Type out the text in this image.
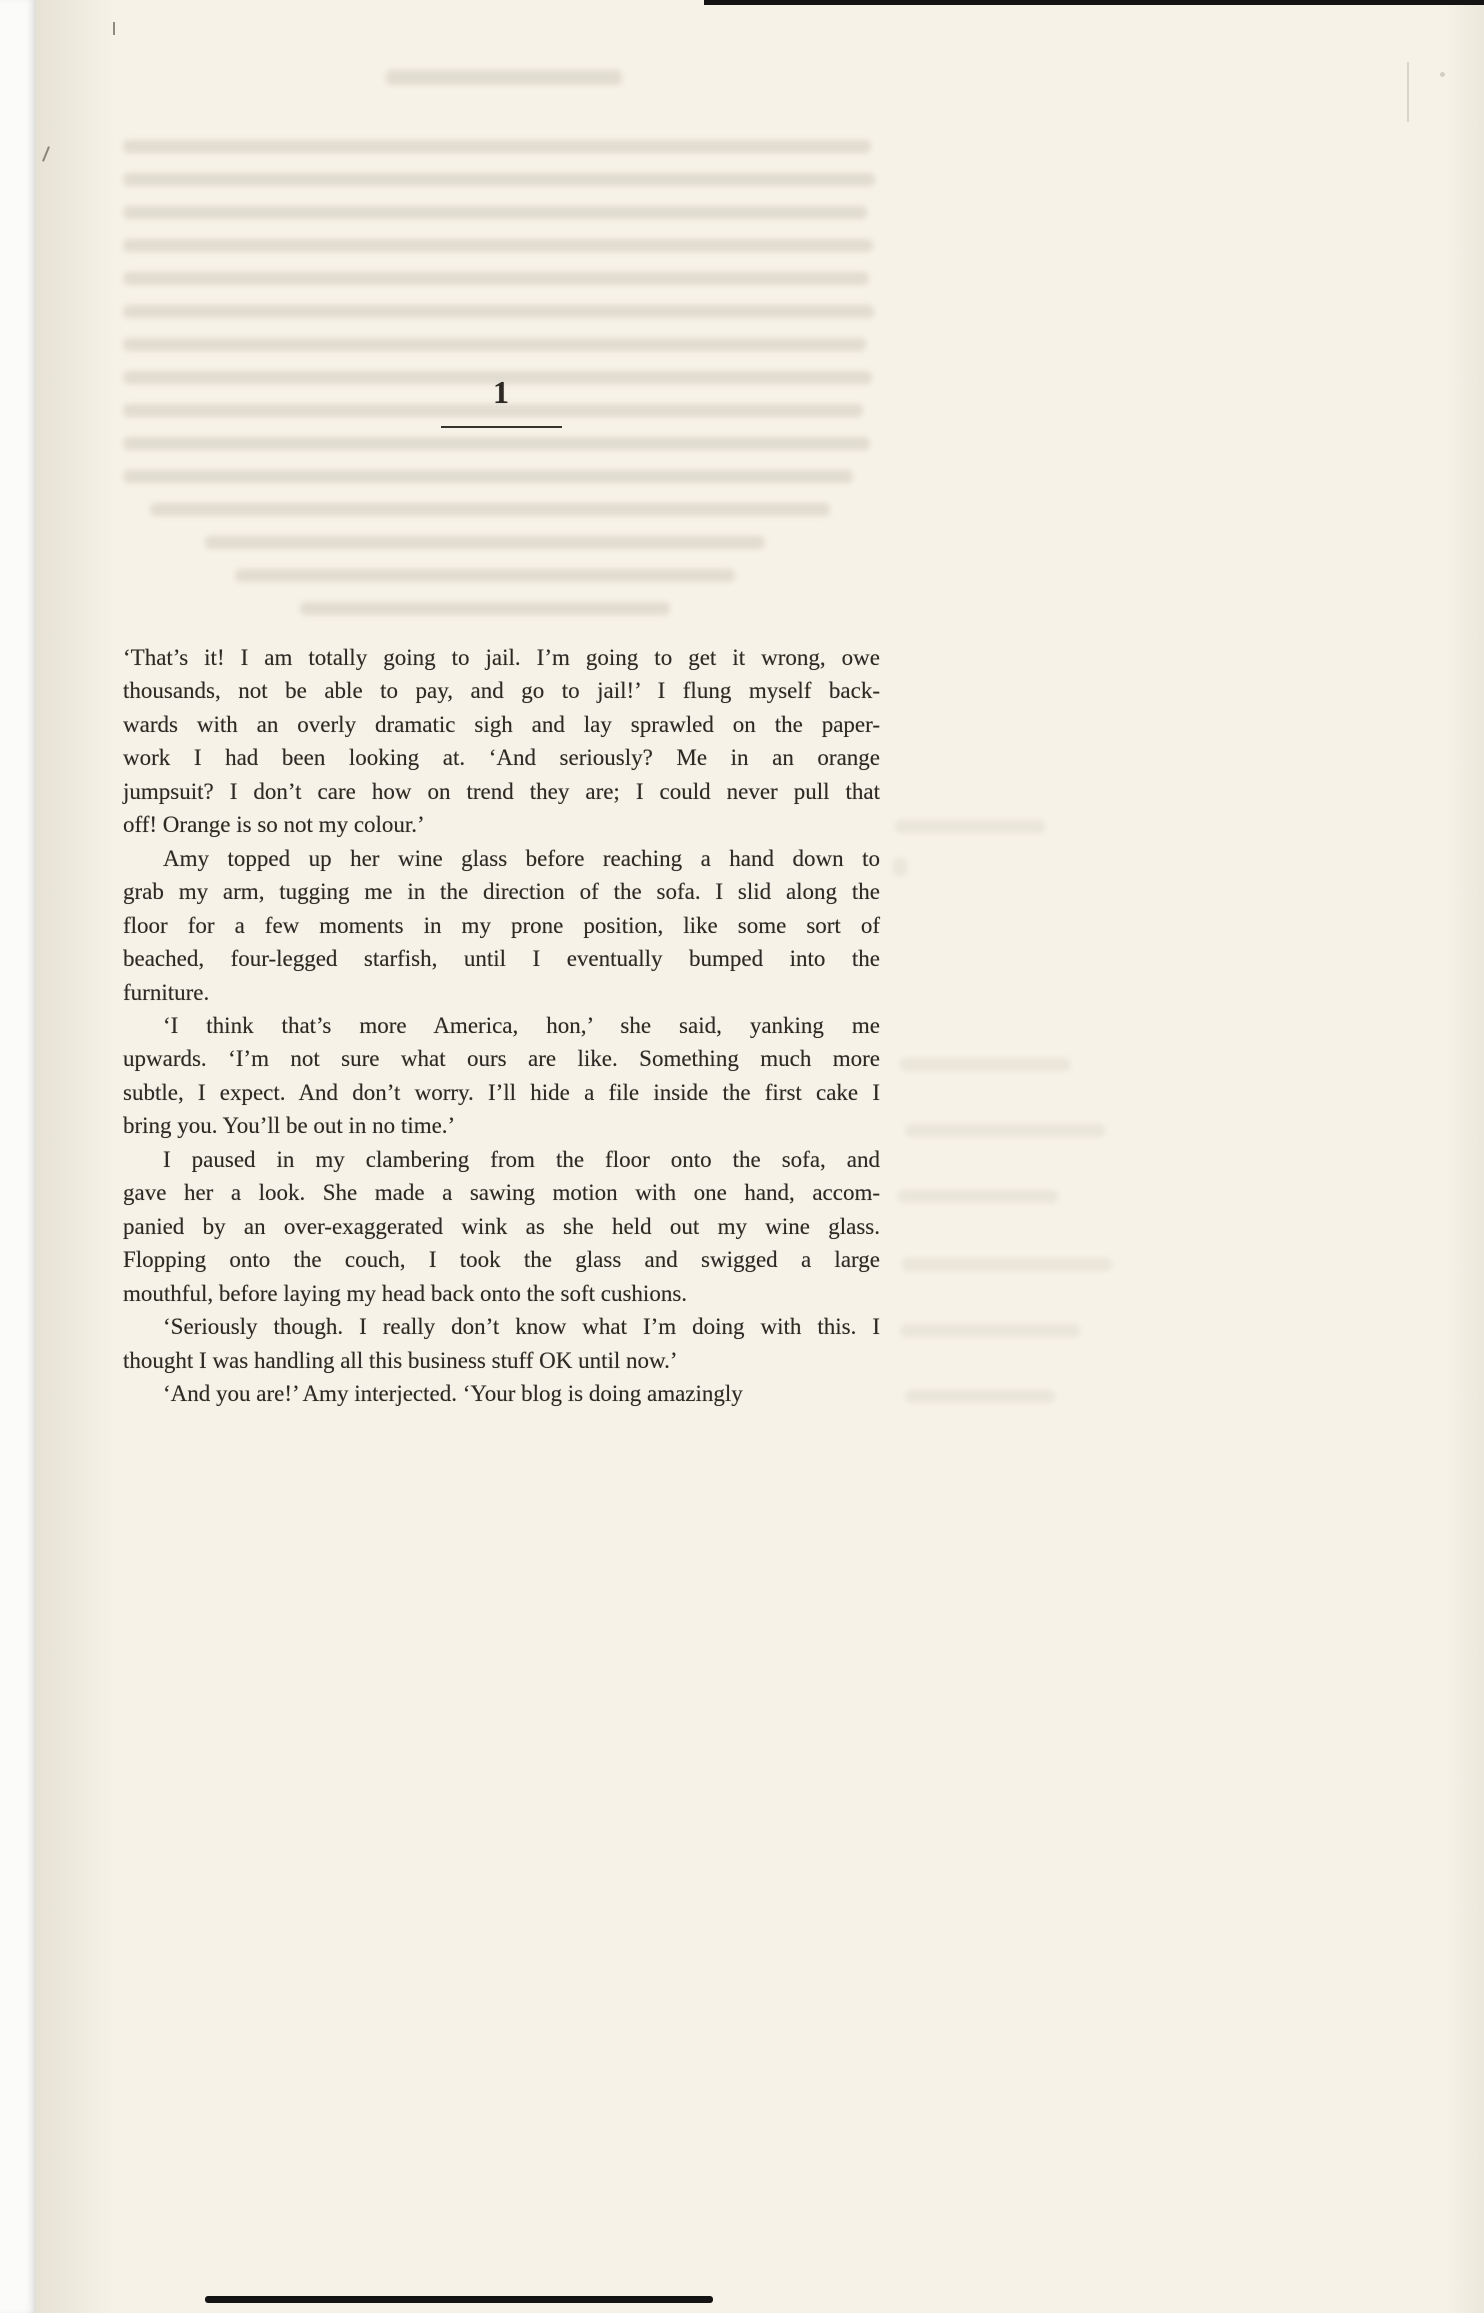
1
‘That’s it! I am totally going to jail. I’m going to get it wrong, owe
thousands, not be able to pay, and go to jail!’ I flung myself back-
wards with an overly dramatic sigh and lay sprawled on the paper-
work I had been looking at. ‘And seriously? Me in an orange
jumpsuit? I don’t care how on trend they are; I could never pull that
off! Orange is so not my colour.’
Amy topped up her wine glass before reaching a hand down to
grab my arm, tugging me in the direction of the sofa. I slid along the
floor for a few moments in my prone position, like some sort of
beached, four-legged starfish, until I eventually bumped into the
furniture.
‘I think that’s more America, hon,’ she said, yanking me
upwards. ‘I’m not sure what ours are like. Something much more
subtle, I expect. And don’t worry. I’ll hide a file inside the first cake I
bring you. You’ll be out in no time.’
I paused in my clambering from the floor onto the sofa, and
gave her a look. She made a sawing motion with one hand, accom-
panied by an over-exaggerated wink as she held out my wine glass.
Flopping onto the couch, I took the glass and swigged a large
mouthful, before laying my head back onto the soft cushions.
‘Seriously though. I really don’t know what I’m doing with this. I
thought I was handling all this business stuff OK until now.’
‘And you are!’ Amy interjected. ‘Your blog is doing amazingly
